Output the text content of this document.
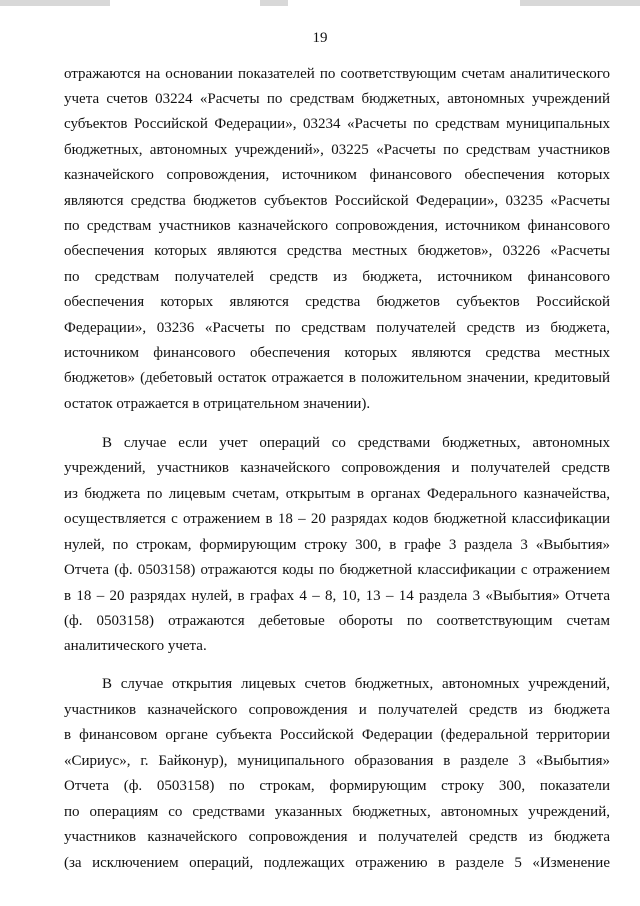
19
отражаются на основании показателей по соответствующим счетам аналитического
учета счетов 03224 «Расчеты по средствам бюджетных, автономных учреждений
субъектов Российской Федерации», 03234 «Расчеты по средствам муниципальных
бюджетных, автономных учреждений», 03225 «Расчеты по средствам участников
казначейского сопровождения, источником финансового обеспечения которых
являются средства бюджетов субъектов Российской Федерации», 03235 «Расчеты
по средствам участников казначейского сопровождения, источником финансового
обеспечения которых являются средства местных бюджетов», 03226 «Расчеты
по средствам получателей средств из бюджета, источником финансового
обеспечения которых являются средства бюджетов субъектов Российской
Федерации», 03236 «Расчеты по средствам получателей средств из бюджета,
источником финансового обеспечения которых являются средства местных
бюджетов» (дебетовый остаток отражается в положительном значении, кредитовый
остаток отражается в отрицательном значении).
В случае если учет операций со средствами бюджетных, автономных
учреждений, участников казначейского сопровождения и получателей средств
из бюджета по лицевым счетам, открытым в органах Федерального казначейства,
осуществляется с отражением в 18 – 20 разрядах кодов бюджетной классификации
нулей, по строкам, формирующим строку 300, в графе 3 раздела 3 «Выбытия»
Отчета (ф. 0503158) отражаются коды по бюджетной классификации с отражением
в 18 – 20 разрядах нулей, в графах 4 – 8, 10, 13 – 14 раздела 3 «Выбытия» Отчета
(ф. 0503158) отражаются дебетовые обороты по соответствующим счетам
аналитического учета.
В случае открытия лицевых счетов бюджетных, автономных учреждений,
участников казначейского сопровождения и получателей средств из бюджета
в финансовом органе субъекта Российской Федерации (федеральной территории
«Сириус», г. Байконур), муниципального образования в разделе 3 «Выбытия»
Отчета (ф. 0503158) по строкам, формирующим строку 300, показатели
по операциям со средствами указанных бюджетных, автономных учреждений,
участников казначейского сопровождения и получателей средств из бюджета
(за исключением операций, подлежащих отражению в разделе 5 «Изменение
